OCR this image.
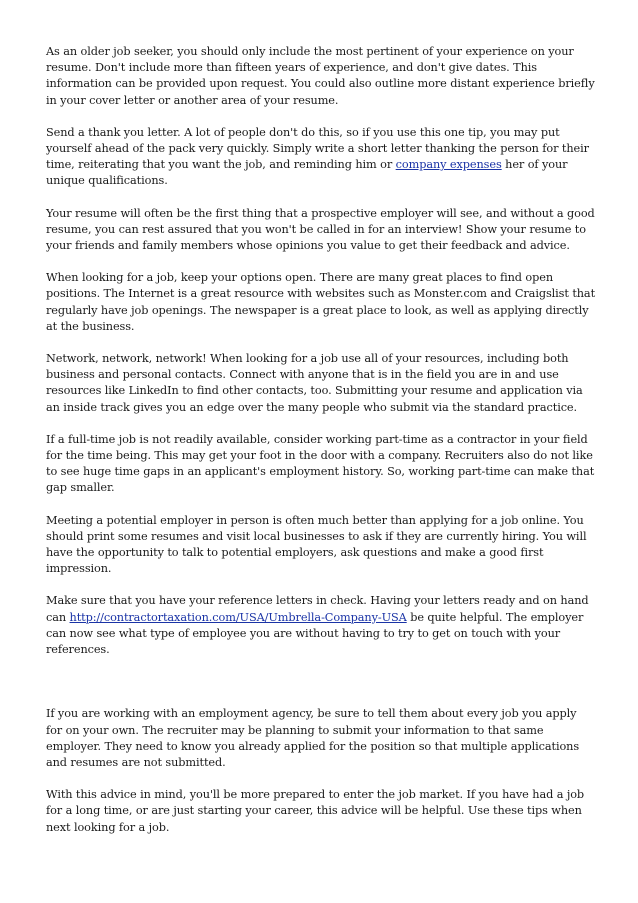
As an older job seeker, you should only include the most pertinent of your experience on your resume. Don't include more than fifteen years of experience, and don't give dates. This information can be provided upon request. You could also outline more distant experience briefly in your cover letter or another area of your resume.

Send a thank you letter. A lot of people don't do this, so if you use this one tip, you may put yourself ahead of the pack very quickly. Simply write a short letter thanking the person for their time, reiterating that you want the job, and reminding him or company expenses her of your unique qualifications.

Your resume will often be the first thing that a prospective employer will see, and without a good resume, you can rest assured that you won't be called in for an interview! Show your resume to your friends and family members whose opinions you value to get their feedback and advice.

When looking for a job, keep your options open. There are many great places to find open positions. The Internet is a great resource with websites such as Monster.com and Craigslist that regularly have job openings. The newspaper is a great place to look, as well as applying directly at the business.

Network, network, network! When looking for a job use all of your resources, including both business and personal contacts. Connect with anyone that is in the field you are in and use resources like LinkedIn to find other contacts, too. Submitting your resume and application via an inside track gives you an edge over the many people who submit via the standard practice.

If a full-time job is not readily available, consider working part-time as a contractor in your field for the time being. This may get your foot in the door with a company. Recruiters also do not like to see huge time gaps in an applicant's employment history. So, working part-time can make that gap smaller.

Meeting a potential employer in person is often much better than applying for a job online. You should print some resumes and visit local businesses to ask if they are currently hiring. You will have the opportunity to talk to potential employers, ask questions and make a good first impression.

Make sure that you have your reference letters in check. Having your letters ready and on hand can http://contractortaxation.com/USA/Umbrella-Company-USA be quite helpful. The employer can now see what type of employee you are without having to try to get on touch with your references.

If you are working with an employment agency, be sure to tell them about every job you apply for on your own. The recruiter may be planning to submit your information to that same employer. They need to know you already applied for the position so that multiple applications and resumes are not submitted.

With this advice in mind, you'll be more prepared to enter the job market. If you have had a job for a long time, or are just starting your career, this advice will be helpful. Use these tips when next looking for a job.
